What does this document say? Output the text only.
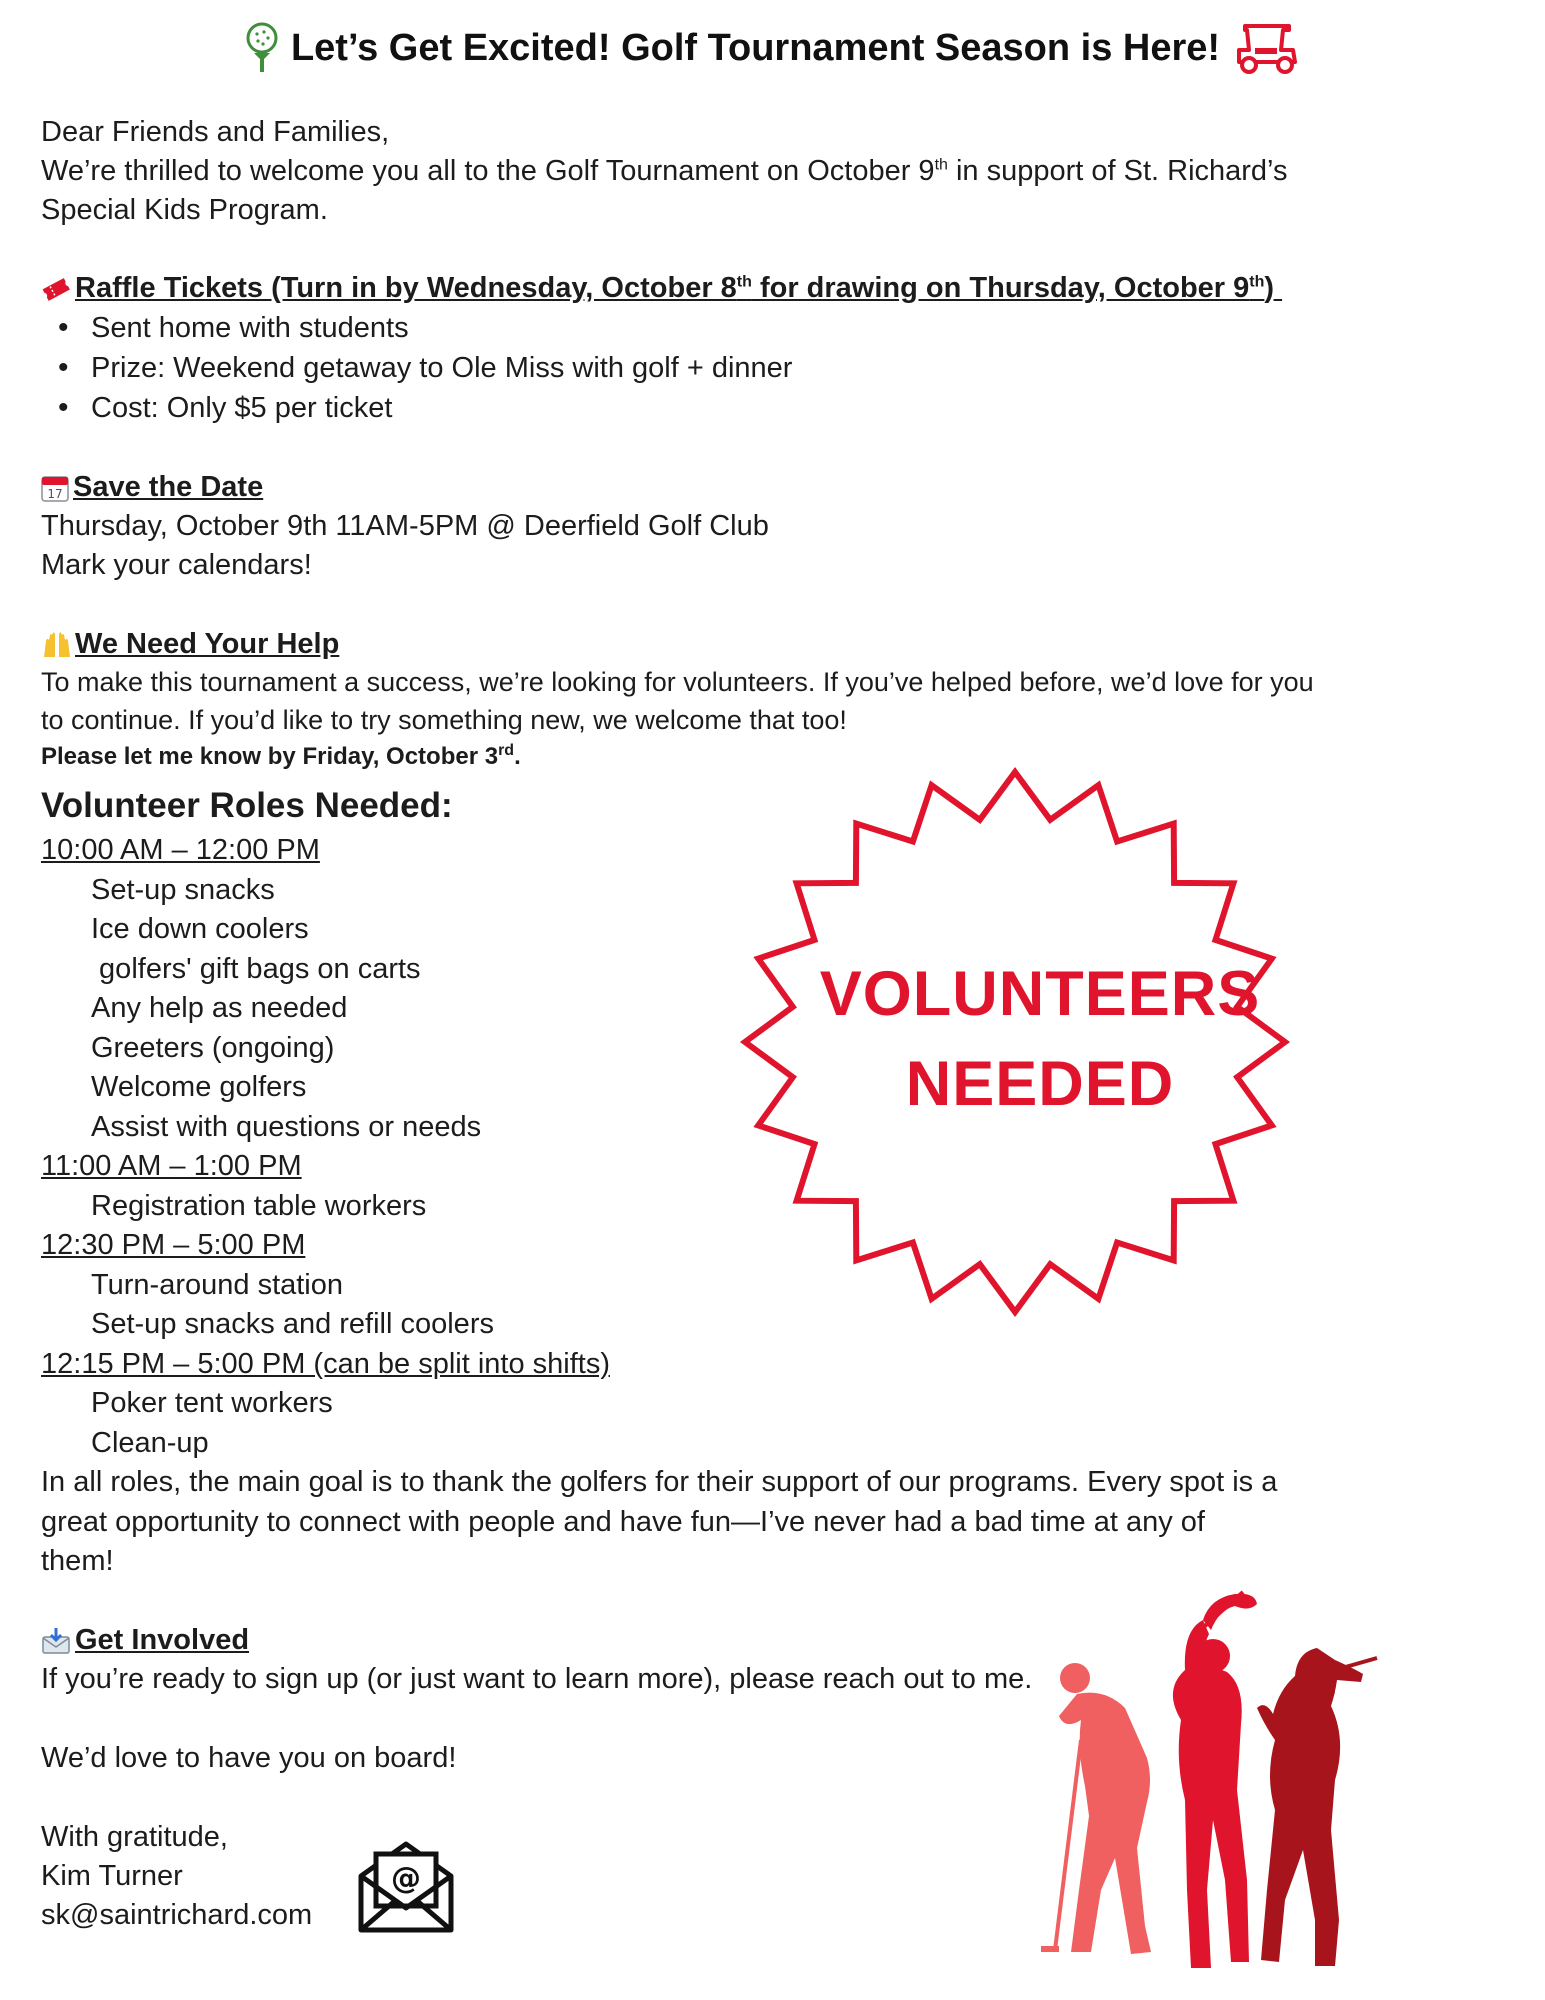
Let’s Get Excited! Golf Tournament Season is Here!
Dear Friends and Families,
We’re thrilled to welcome you all to the Golf Tournament on October 9th in support of St. Richard’s
Special Kids Program.
Raffle Tickets (Turn in by Wednesday, October 8th for drawing on Thursday, October 9th)
• Sent home with students
• Prize: Weekend getaway to Ole Miss with golf + dinner
• Cost: Only $5 per ticket
17 Save the Date
Thursday, October 9th 11AM-5PM @ Deerfield Golf Club
Mark your calendars!
We Need Your Help
To make this tournament a success, we’re looking for volunteers. If you’ve helped before, we’d love for you
to continue. If you’d like to try something new, we welcome that too!
Please let me know by Friday, October 3rd.
Volunteer Roles Needed:
10:00 AM – 12:00 PM
Set-up snacks
Ice down coolers
golfers' gift bags on carts
Any help as needed
Greeters (ongoing)
Welcome golfers
Assist with questions or needs
11:00 AM – 1:00 PM
Registration table workers
12:30 PM – 5:00 PM
Turn-around station
Set-up snacks and refill coolers
12:15 PM – 5:00 PM (can be split into shifts)
Poker tent workers
Clean-up
In all roles, the main goal is to thank the golfers for their support of our programs. Every spot is a
great opportunity to connect with people and have fun—I’ve never had a bad time at any of
them!
VOLUNTEERS
NEEDED
Get Involved
If you’re ready to sign up (or just want to learn more), please reach out to me.
We’d love to have you on board!
With gratitude,
Kim Turner
sk@saintrichard.com
@
